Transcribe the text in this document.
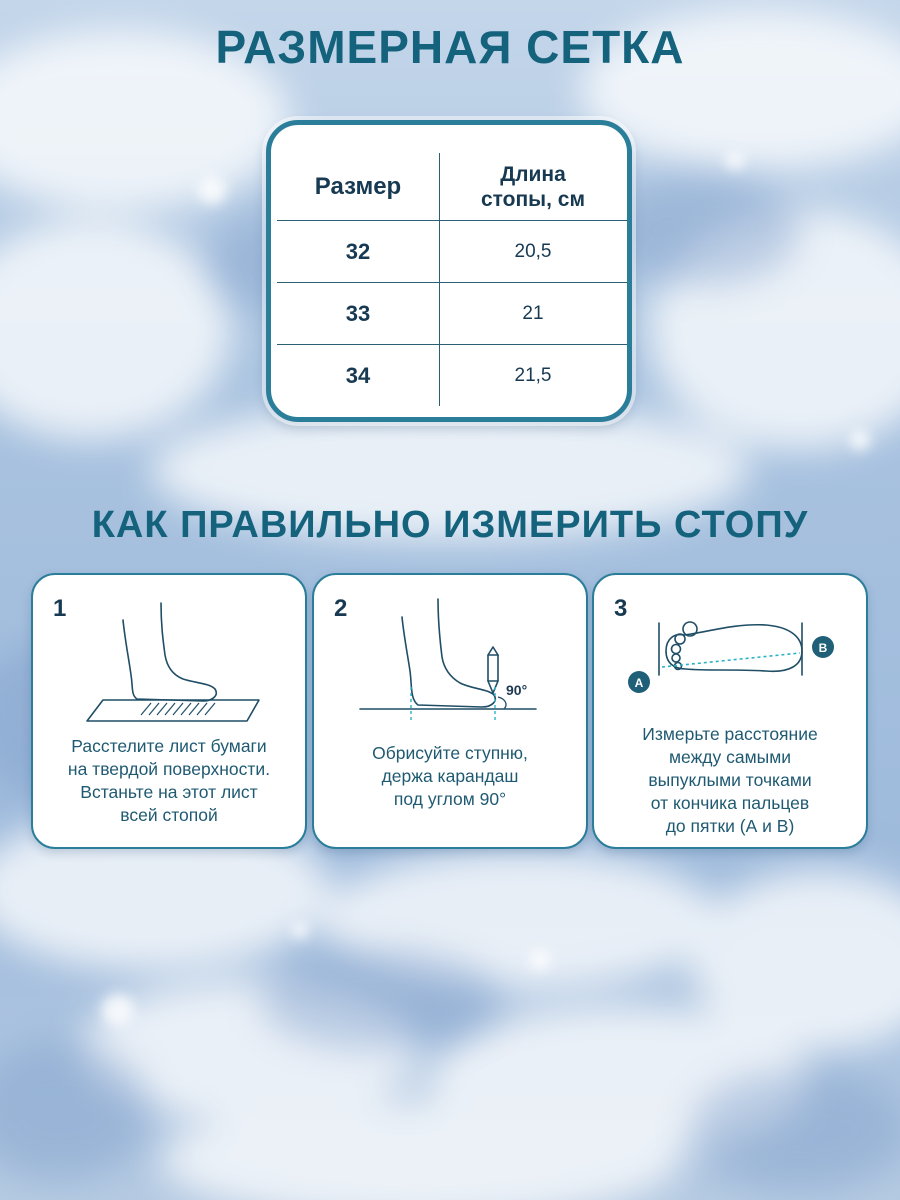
РАЗМЕРНАЯ СЕТКА
Размер	Длина
стопы, см
32	20,5
33	21
34	21,5
КАК ПРАВИЛЬНО ИЗМЕРИТЬ СТОПУ
1
Расстелите лист бумаги
на твердой поверхности.
Встаньте на этот лист
всей стопой
2
90°
Обрисуйте ступню,
держа карандаш
под углом 90°
3
A
B
Измерьте расстояние
между самыми
выпуклыми точками
от кончика пальцев
до пятки (А и В)
